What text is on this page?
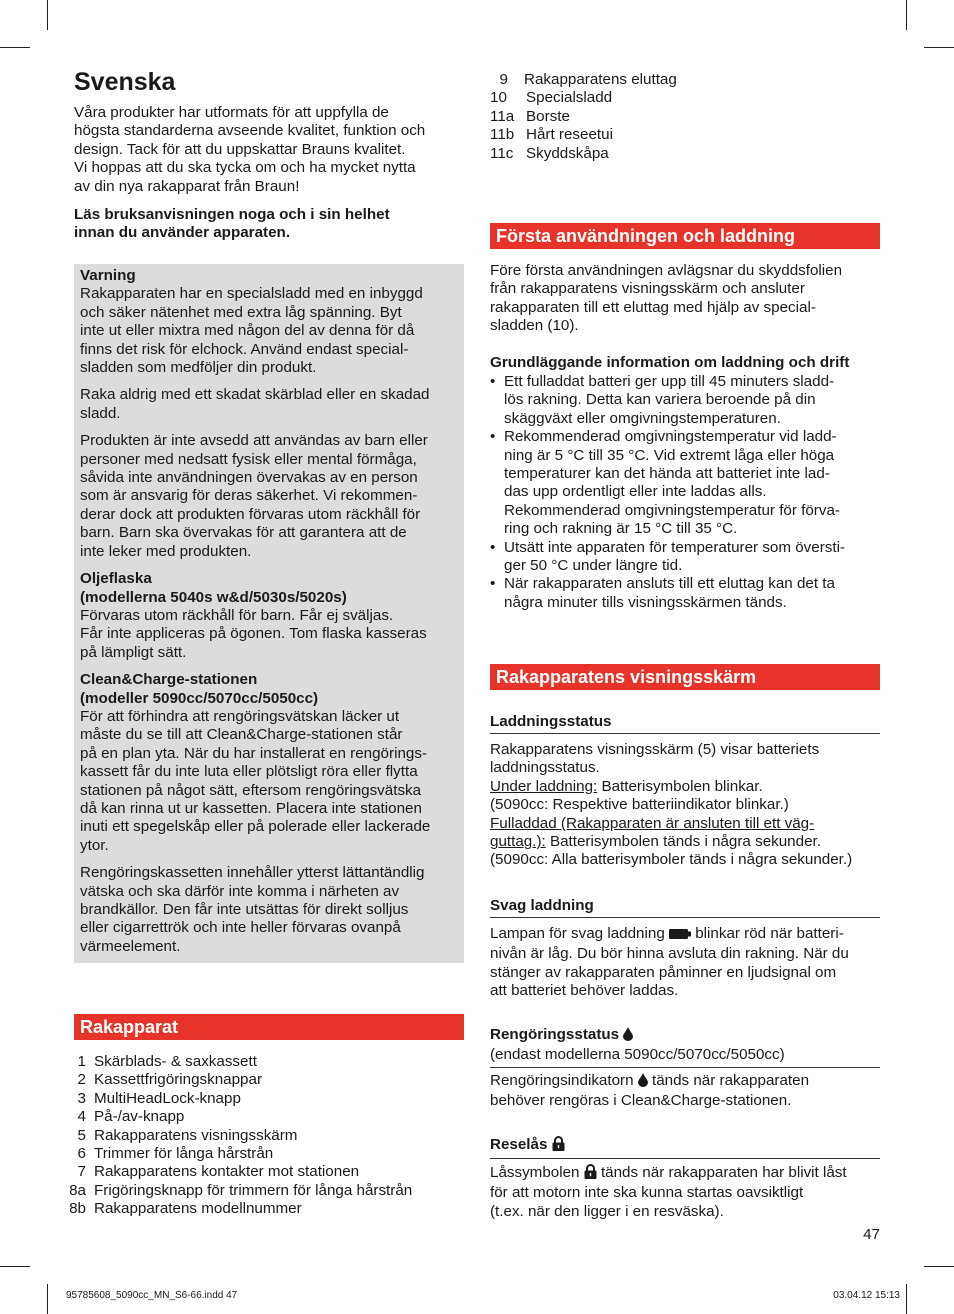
Svenska

Våra produkter har utformats för att uppfylla de
högsta standarderna avseende kvalitet, funktion och
design. Tack för att du uppskattar Brauns kvalitet.
Vi hoppas att du ska tycka om och ha mycket nytta
av din nya rakapparat från Braun!

Läs bruksanvisningen noga och i sin helhet
innan du använder apparaten.

Varning

Rakapparaten har en specialsladd med en inbyggd
och säker nätenhet med extra låg spänning. Byt
inte ut eller mixtra med någon del av denna för då
finns det risk för elchock. Använd endast special-
sladden som medföljer din produkt.

Raka aldrig med ett skadat skärblad eller en skadad
sladd.

Produkten är inte avsedd att användas av barn eller
personer med nedsatt fysisk eller mental förmåga,
såvida inte användningen övervakas av en person
som är ansvarig för deras säkerhet. Vi rekommen-
derar dock att produkten förvaras utom räckhåll för
barn. Barn ska övervakas för att garantera att de
inte leker med produkten.

Oljeflaska
(modellerna 5040s w&d/5030s/5020s)

Förvaras utom räckhåll för barn. Får ej sväljas.
Får inte appliceras på ögonen. Tom flaska kasseras
på lämpligt sätt.

Clean&Charge-stationen
(modeller 5090cc/5070cc/5050cc)

För att förhindra att rengöringsvätskan läcker ut
måste du se till att Clean&Charge-stationen står
på en plan yta. När du har installerat en rengörings-
kassett får du inte luta eller plötsligt röra eller flytta
stationen på något sätt, eftersom rengöringsvätska
då kan rinna ut ur kassetten. Placera inte stationen
inuti ett spegelskåp eller på polerade eller lackerade
ytor.

Rengöringskassetten innehåller ytterst lättantändlig
vätska och ska därför inte komma i närheten av
brandkällor. Den får inte utsättas för direkt solljus
eller cigarrettrök och inte heller förvaras ovanpå
värmeelement.

Rakapparat
1 Skärblads- & saxkassett
2 Kassettfrigöringsknappar
3 MultiHeadLock-knapp
4 På-/av-knapp
5 Rakapparatens visningsskärm
6 Trimmer för långa hårstrån
7 Rakapparatens kontakter mot stationen
8a Frigöringsknapp för trimmern för långa hårstrån
8b Rakapparatens modellnummer
9	Rakapparatens eluttag
10	Specialsladd
11a Borste
11b Hårt reseetui
11c Skyddskåpa
Första användningen och laddning

Före första användningen avlägsnar du skyddsfolien
från rakapparatens visningsskärm och ansluter
rakapparaten till ett eluttag med hjälp av special-
sladden (10).

Grundläggande information om laddning och drift

• Ett fulladdat batteri ger upp till 45 minuters sladd-
lös rakning. Detta kan variera beroende på din
skäggväxt eller omgivningstemperaturen.
• Rekommenderad omgivningstemperatur vid ladd-
ning är 5 °C till 35 °C. Vid extremt låga eller höga
temperaturer kan det hända att batteriet inte lad-
das upp ordentligt eller inte laddas alls.
Rekommenderad omgivningstemperatur för förva-
ring och rakning är 15 °C till 35 °C.
• Utsätt inte apparaten för temperaturer som översti-
ger 50 °C under längre tid.
• När rakapparaten ansluts till ett eluttag kan det ta
några minuter tills visningsskärmen tänds.
Rakapparatens visningsskärm
Laddningsstatus

Rakapparatens visningsskärm (5) visar batteriets
laddningsstatus.

Under laddning: Batterisymbolen blinkar.

(5090cc: Respektive batteriindikator blinkar.)

Fulladdad (Rakapparaten är ansluten till ett väg-
guttag.): Batterisymbolen tänds i några sekunder.

(5090cc: Alla batterisymboler tänds i några sekunder.)

Svag laddning

Lampan för svag laddning  blinkar röd när batteri-

nivån är låg. Du bör hinna avsluta din rakning. När du
stänger av rakapparaten påminner en ljudsignal om
att batteriet behöver laddas.

Rengöringsstatus
(endast modellerna 5090cc/5070cc/5050cc)

Rengöringsindikatorn  tänds när rakapparaten

behöver rengöras i Clean&Charge-stationen.

Reselås

Låssymbolen  tänds när rakapparaten har blivit låst

för att motorn inte ska kunna startas oavsiktligt
(t.ex. när den ligger i en resväska).

47
95785608_5090cc_MN_S6-66.indd 47	03.04.12 15:13
